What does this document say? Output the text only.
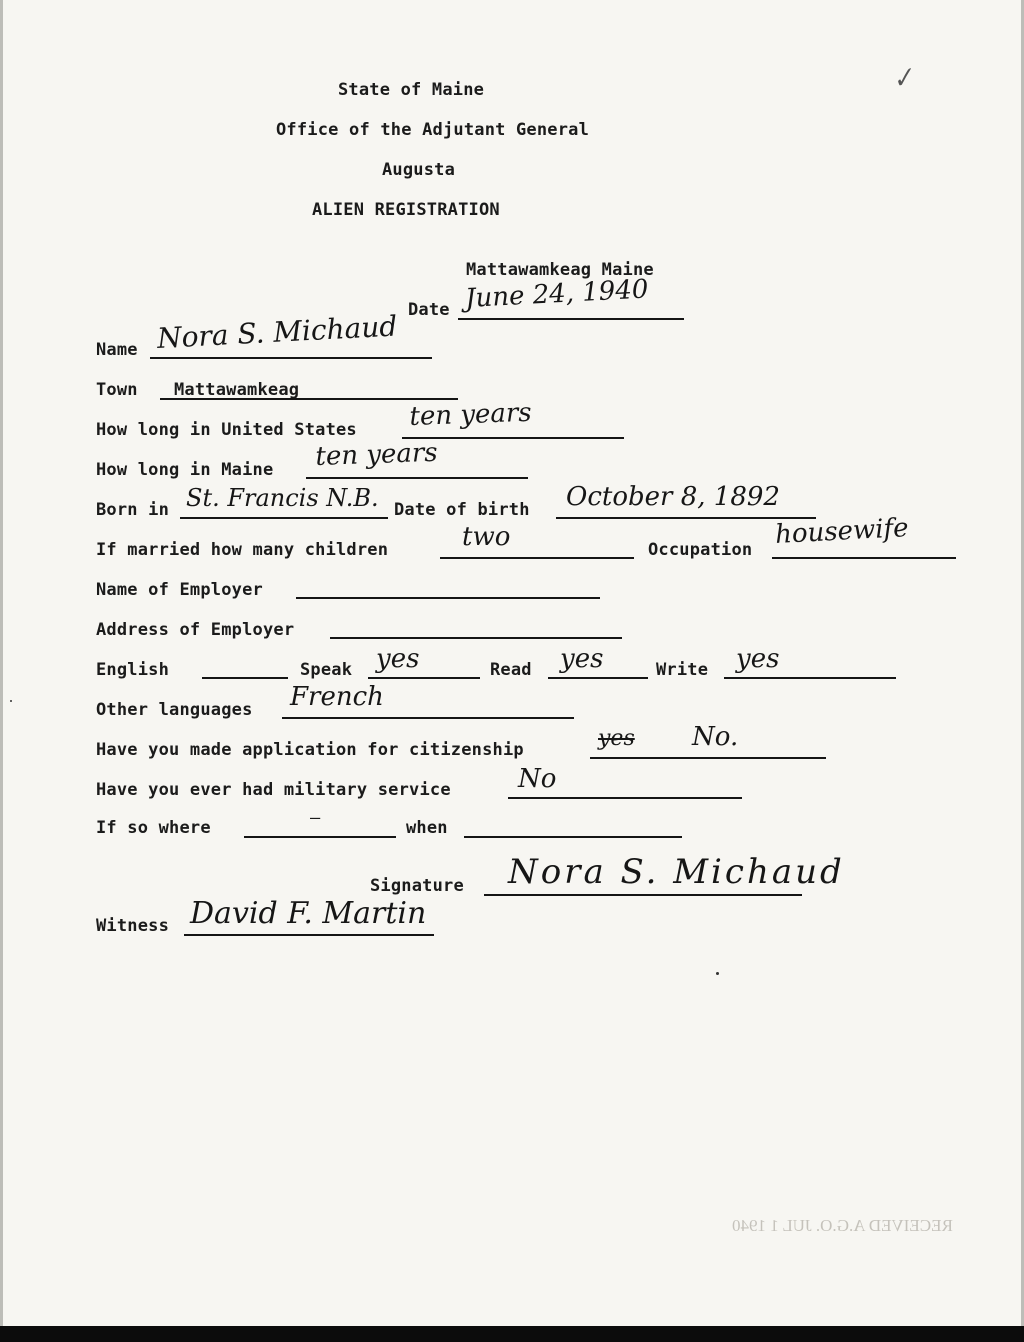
✓
State of Maine
Office of the Adjutant General
Augusta
ALIEN REGISTRATION
Mattawamkeag Maine
Date June 24, 1940
Name Nora S. Michaud
Town Mattawamkeag
How long in United States ten years
How long in Maine ten years
Born in St. Francis N.B. Date of birth October 8, 1892
If married how many children	two	Occupation housewife
Name of Employer
Address of Employer
English	Speak yes	Read yes	Write yes
Other languages French
Have you made application for citizenship	yes No.
Have you ever had military service	No
If so where	—	when
Signature Nora S. Michaud
Witness David F. Martin
RECEIVED A.G.O. JUL 1 1940
